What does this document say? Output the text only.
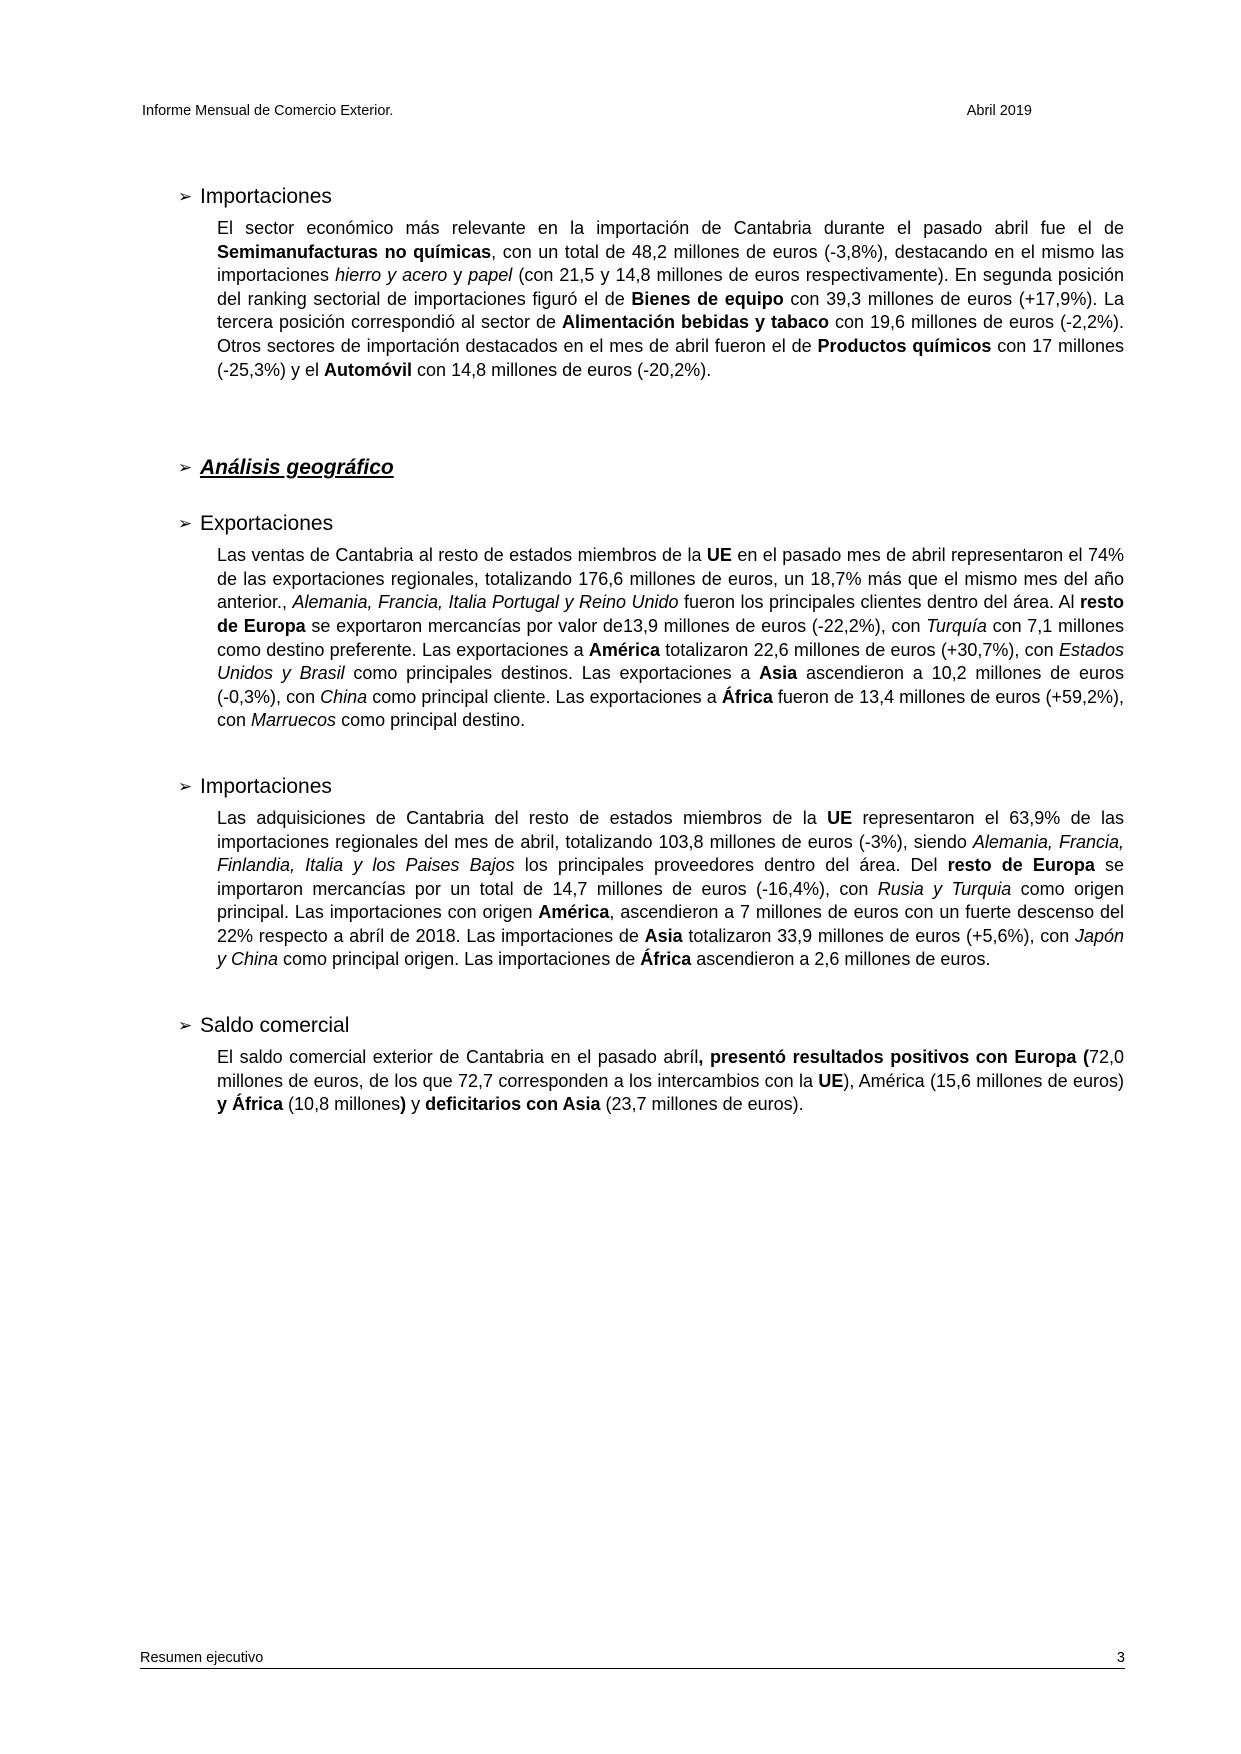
Informe Mensual de Comercio Exterior.	Abril 2019
➢ Importaciones
El sector económico más relevante en la importación de Cantabria durante el pasado abril fue el de Semimanufacturas no químicas, con un total de 48,2 millones de euros (-3,8%), destacando en el mismo las importaciones hierro y acero y papel (con 21,5 y 14,8 millones de euros respectivamente). En segunda posición del ranking sectorial de importaciones figuró el de Bienes de equipo con 39,3 millones de euros (+17,9%). La tercera posición correspondió al sector de Alimentación bebidas y tabaco con 19,6 millones de euros (-2,2%). Otros sectores de importación destacados en el mes de abril fueron el de Productos químicos con 17 millones (-25,3%) y el Automóvil con 14,8 millones de euros (-20,2%).
➢ Análisis geográfico
➢ Exportaciones
Las ventas de Cantabria al resto de estados miembros de la UE en el pasado mes de abril representaron el 74% de las exportaciones regionales, totalizando 176,6 millones de euros, un 18,7% más que el mismo mes del año anterior., Alemania, Francia, Italia Portugal y Reino Unido fueron los principales clientes dentro del área. Al resto de Europa se exportaron mercancías por valor de13,9 millones de euros (-22,2%), con Turquía con 7,1 millones como destino preferente. Las exportaciones a América totalizaron 22,6 millones de euros (+30,7%), con Estados Unidos y Brasil como principales destinos. Las exportaciones a Asia ascendieron a 10,2 millones de euros (-0,3%), con China como principal cliente. Las exportaciones a África fueron de 13,4 millones de euros (+59,2%), con Marruecos como principal destino.
➢ Importaciones
Las adquisiciones de Cantabria del resto de estados miembros de la UE representaron el 63,9% de las importaciones regionales del mes de abril, totalizando 103,8 millones de euros (-3%), siendo Alemania, Francia, Finlandia, Italia y los Paises Bajos los principales proveedores dentro del área. Del resto de Europa se importaron mercancías por un total de 14,7 millones de euros (-16,4%), con Rusia y Turquia como origen principal. Las importaciones con origen América, ascendieron a 7 millones de euros con un fuerte descenso del 22% respecto a abríl de 2018. Las importaciones de Asia totalizaron 33,9 millones de euros (+5,6%), con Japón y China como principal origen. Las importaciones de África ascendieron a 2,6 millones de euros.
➢ Saldo comercial
El saldo comercial exterior de Cantabria en el pasado abríl, presentó resultados positivos con Europa (72,0 millones de euros, de los que 72,7 corresponden a los intercambios con la UE), América (15,6 millones de euros) y África (10,8 millones) y deficitarios con Asia (23,7 millones de euros).
Resumen ejecutivo	3
